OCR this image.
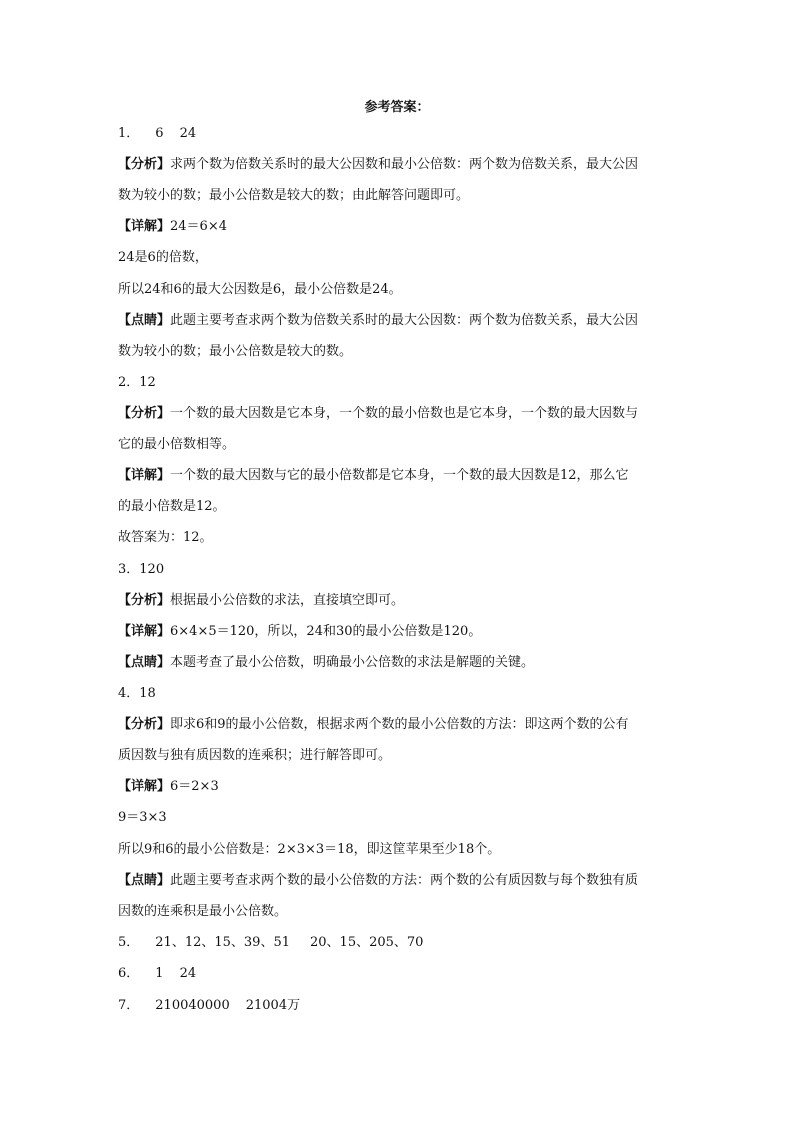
参考答案：
1． 6 24
【分析】求两个数为倍数关系时的最大公因数和最小公倍数：两个数为倍数关系，最大公因
数为较小的数；最小公倍数是较大的数；由此解答问题即可。
【详解】24＝6×4
24是6的倍数，
所以24和6的最大公因数是6，最小公倍数是24。
【点睛】此题主要考查求两个数为倍数关系时的最大公因数：两个数为倍数关系，最大公因
数为较小的数；最小公倍数是较大的数。
2．12
【分析】一个数的最大因数是它本身，一个数的最小倍数也是它本身，一个数的最大因数与
它的最小倍数相等。
【详解】一个数的最大因数与它的最小倍数都是它本身，一个数的最大因数是12，那么它
的最小倍数是12。
故答案为：12。
3．120
【分析】根据最小公倍数的求法，直接填空即可。
【详解】6×4×5＝120，所以，24和30的最小公倍数是120。
【点睛】本题考查了最小公倍数，明确最小公倍数的求法是解题的关键。
4．18
【分析】即求6和9的最小公倍数，根据求两个数的最小公倍数的方法：即这两个数的公有
质因数与独有质因数的连乘积；进行解答即可。
【详解】6＝2×3
9＝3×3
所以9和6的最小公倍数是：2×3×3＝18，即这筐苹果至少18个。
【点睛】此题主要考查求两个数的最小公倍数的方法：两个数的公有质因数与每个数独有质
因数的连乘积是最小公倍数。
5． 21、12、15、39、51 20、15、205、70
6． 1 24
7． 210040000 21004万
